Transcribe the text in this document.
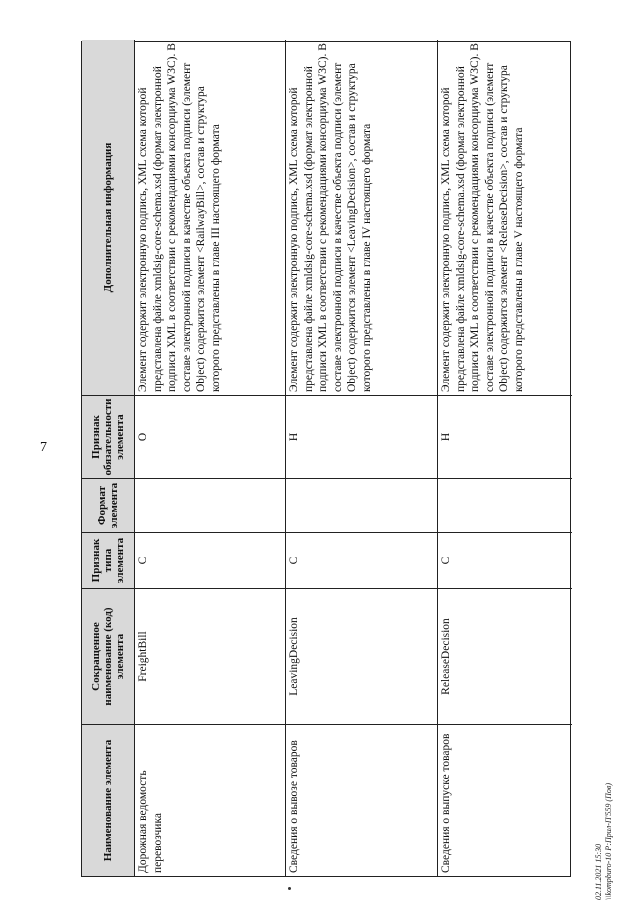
7
Наименование элемента
Сокращенное наименование (код) элемента
Признак типа элемента
Формат элемента
Признак обязательности элемента
Дополнительная информация
Дорожная ведомость перевозчика
FreightBill
С
О
Элемент содержит электронную подпись, XML схема которой представлена файле xmldsig-core-schema.xsd (формат электронной подписи XML в соответствии с рекомендациями консорциума W3C). В составе электронной подписи в качестве объекта подписи (элемент Object) содержится элемент <RailwayBill>, состав и структура которого представлены в главе III настоящего формата
Сведения о вывозе товаров
LeavingDecision
С
Н
Элемент содержит электронную подпись, XML схема которой представлена файле xmldsig-core-schema.xsd (формат электронной подписи XML в соответствии с рекомендациями консорциума W3C). В составе электронной подписи в качестве объекта подписи (элемент Object) содержится элемент <LeavingDecision>, состав и структура которого представлены в главе IV настоящего формата
Сведения о выпуске товаров
ReleaseDecision
С
Н
Элемент содержит электронную подпись, XML схема которой представлена файле xmldsig-core-schema.xsd (формат электронной подписи XML в соответствии с рекомендациями консорциума W3C). В составе электронной подписи в качестве объекта подписи (элемент Object) содержится элемент <ReleaseDecision>, состав и структура которого представлены в главе V настоящего формата
02.11.2021 15:30 \\kompburo-10 Р:Прил-П'559 (Пов)
